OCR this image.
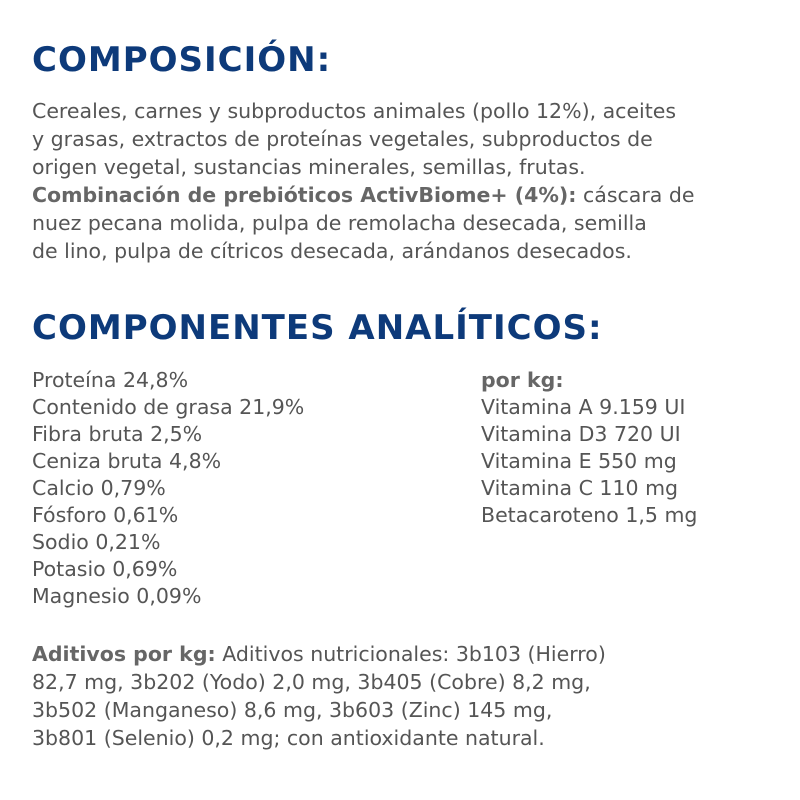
COMPOSICIÓN:

Cereales, carnes y subproductos animales (pollo 12%), aceites
y grasas, extractos de proteínas vegetales, subproductos de
origen vegetal, sustancias minerales, semillas, frutas.
Combinación de prebióticos ActivBiome+ (4%): cáscara de
nuez pecana molida, pulpa de remolacha desecada, semilla
de lino, pulpa de cítricos desecada, arándanos desecados.

COMPONENTES ANALÍTICOS:
Proteína 24,8%
Contenido de grasa 21,9%
Fibra bruta 2,5%
Ceniza bruta 4,8%
Calcio 0,79%
Fósforo 0,61%
Sodio 0,21%
Potasio 0,69%
Magnesio 0,09%
por kg:
Vitamina A 9.159 UI
Vitamina D3 720 UI
Vitamina E 550 mg
Vitamina C 110 mg
Betacaroteno 1,5 mg

Aditivos por kg: Aditivos nutricionales: 3b103 (Hierro)
82,7 mg, 3b202 (Yodo) 2,0 mg, 3b405 (Cobre) 8,2 mg,
3b502 (Manganeso) 8,6 mg, 3b603 (Zinc) 145 mg,
3b801 (Selenio) 0,2 mg; con antioxidante natural.
